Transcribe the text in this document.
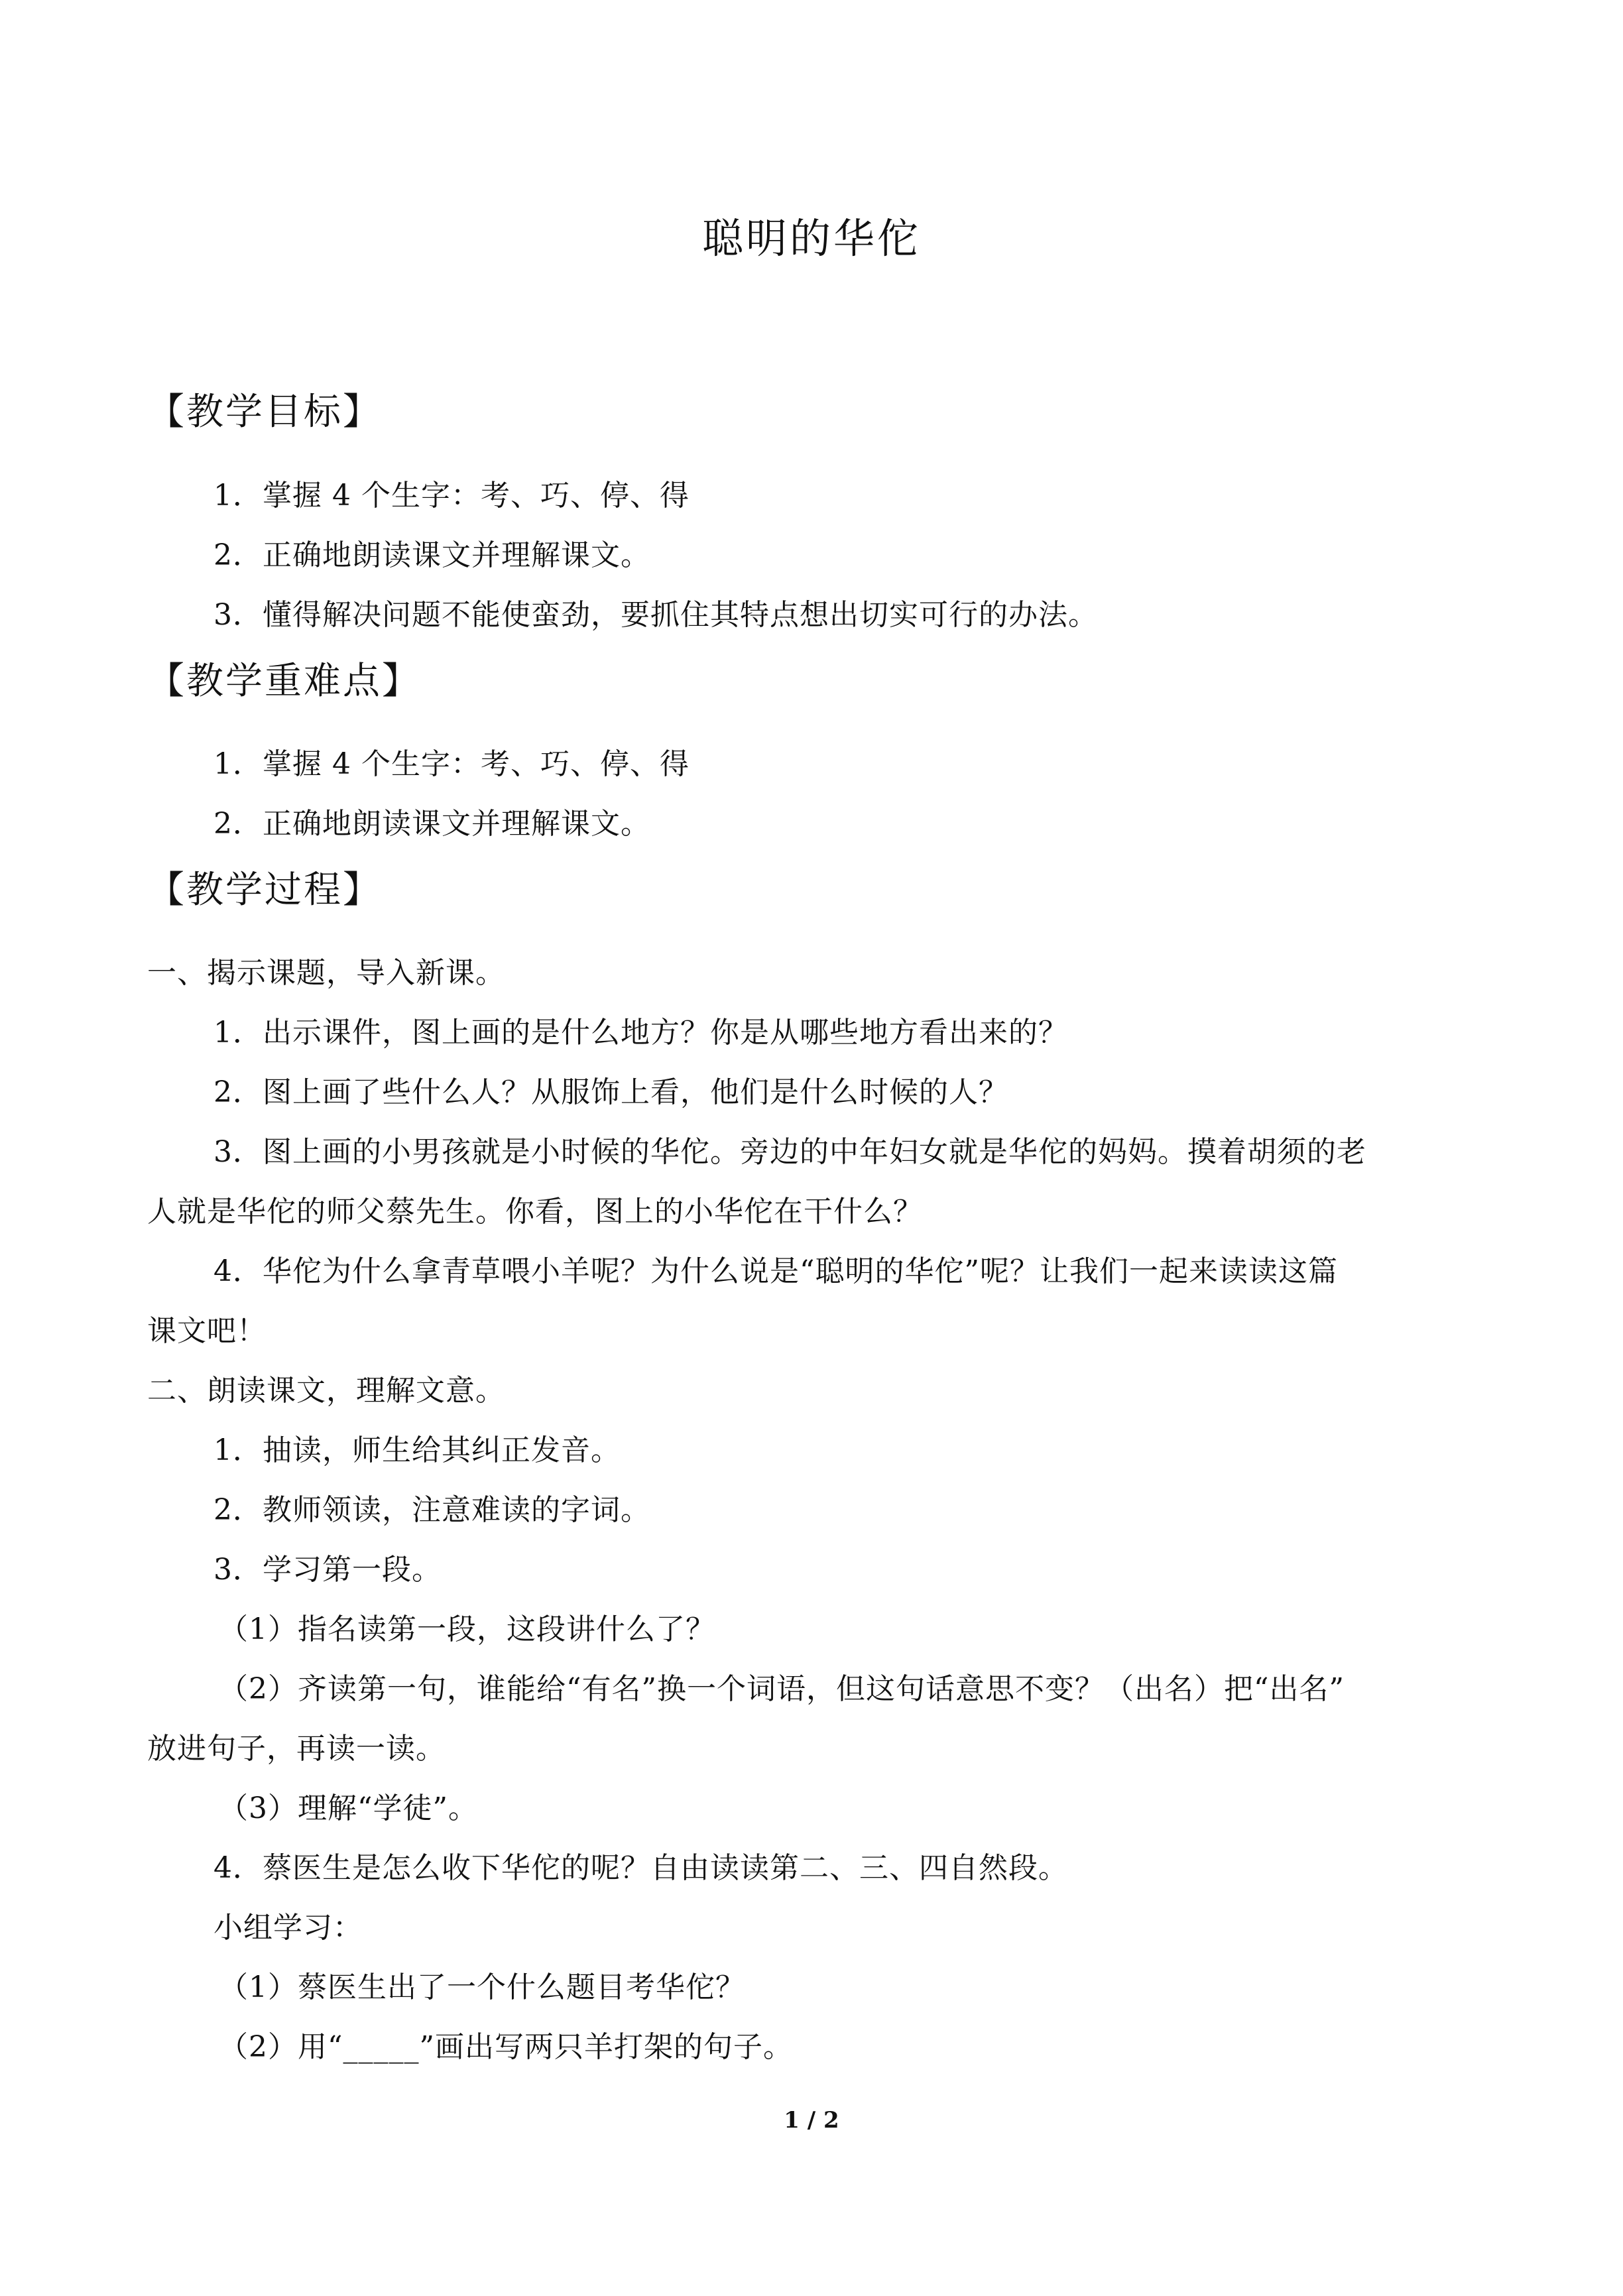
聪明的华佗
【教学目标】
1．掌握 4 个生字：考、巧、停、得
2．正确地朗读课文并理解课文。
3．懂得解决问题不能使蛮劲，要抓住其特点想出切实可行的办法。
【教学重难点】
1．掌握 4 个生字：考、巧、停、得
2．正确地朗读课文并理解课文。
【教学过程】
一、揭示课题，导入新课。
1．出示课件，图上画的是什么地方？你是从哪些地方看出来的？
2．图上画了些什么人？从服饰上看，他们是什么时候的人？
3．图上画的小男孩就是小时候的华佗。旁边的中年妇女就是华佗的妈妈。摸着胡须的老
人就是华佗的师父蔡先生。你看，图上的小华佗在干什么？
4．华佗为什么拿青草喂小羊呢？为什么说是“聪明的华佗”呢？让我们一起来读读这篇
课文吧！
二、朗读课文，理解文意。
1．抽读，师生给其纠正发音。
2．教师领读，注意难读的字词。
3．学习第一段。
（1）指名读第一段，这段讲什么了？
（2）齐读第一句，谁能给“有名”换一个词语，但这句话意思不变？（出名）把“出名”
放进句子，再读一读。
（3）理解“学徒”。
4．蔡医生是怎么收下华佗的呢？自由读读第二、三、四自然段。
小组学习：
（1）蔡医生出了一个什么题目考华佗？
（2）用“_____”画出写两只羊打架的句子。
1 / 2
